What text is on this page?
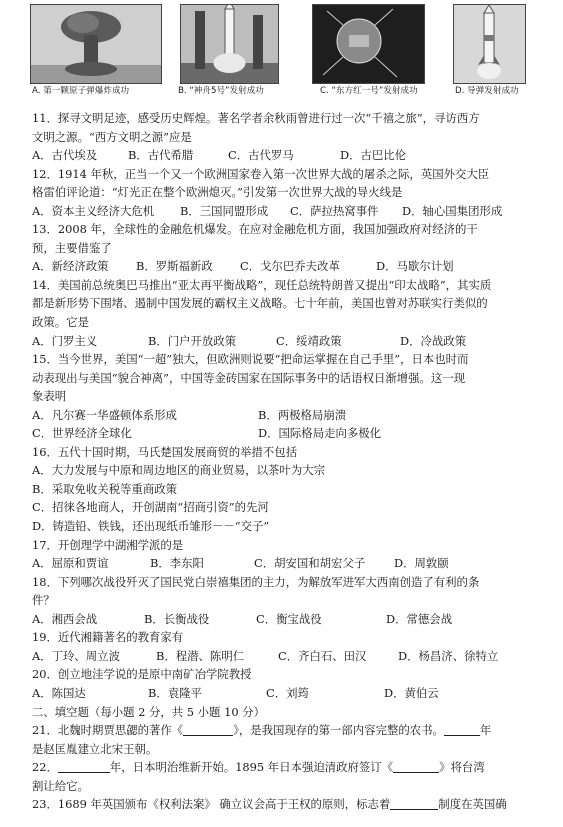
A. 第一颗原子弹爆炸成功	B. “神舟5号”发射成功	C. “东方红一号”发射成功	D. 导弹发射成功
11．探寻文明足迹，感受历史辉煌。著名学者余秋雨曾进行过一次“千禧之旅”，寻访西方
文明之源。“西方文明之源”应是
A．古代埃及	B．古代希腊	C．古代罗马	D．古巴比伦
12．1914 年秋，正当一个又一个欧洲国家卷入第一次世界大战的屠杀之际，英国外交大臣
格雷伯评论道：“灯光正在整个欧洲熄灭。”引发第一次世界大战的导火线是
A．资本主义经济大危机 B．三国同盟形成 C．萨拉热窝事件 D．轴心国集团形成
13．2008 年，全球性的金融危机爆发。在应对金融危机方面，我国加强政府对经济的干
预，主要借鉴了
A．新经济政策 B．罗斯福新政 C．戈尔巴乔夫改革	D．马歇尔计划
14．美国前总统奥巴马推出“亚太再平衡战略”，现任总统特朗普又提出“印太战略”，其实质
都是新形势下围堵、遏制中国发展的霸权主义战略。七十年前，美国也曾对苏联实行类似的
政策。它是
A．门罗主义	B．门户开放政策	C．绥靖政策	D．冷战政策
15．当今世界，美国“一超”独大，但欧洲则说要“把命运掌握在自己手里”，日本也时而
动表现出与美国“貌合神离”，中国等金砖国家在国际事务中的话语权日渐增强。这一现
象表明
A．凡尔赛一华盛顿体系形成	B．两极格局崩溃
C．世界经济全球化	D．国际格局走向多极化
16．五代十国时期，马氏楚国发展商贸的举措不包括
A．大力发展与中原和周边地区的商业贸易，以茶叶为大宗
B．采取免收关税等重商政策
C．招徕各地商人，开创湖南“招商引资”的先河
D．铸造铅、铁钱，还出现纸币雏形－－“交子”
17．开创理学中湖湘学派的是
A．屈原和贾谊	B．李东阳	C．胡安国和胡宏父子	D．周敦颐
18．下列哪次战役歼灭了国民党白崇禧集团的主力，为解放军进军大西南创造了有利的条
件？
A．湘西会战	B．长衡战役	C．衡宝战役	D．常德会战
19．近代湘籍著名的教育家有
A．丁玲、周立波	B．程潜、陈明仁	C．齐白石、田汉	D．杨昌济、徐特立
20．创立地洼学说的是原中南矿冶学院教授
A．陈国达	B．袁隆平	C．刘筠	D．黄伯云
二、填空题（每小题 2 分，共 5 小题 10 分）
21．北魏时期贾思勰的著作《	》，是我国现存的第一部内容完整的农书。	年
是赵匡胤建立北宋王朝。
22．	年，日本明治维新开始。1895 年日本强迫清政府签订《	》将台湾
割让给它。
23．1689 年英国颁布《权利法案》 确立议会高于王权的原则，标志着	制度在英国确
